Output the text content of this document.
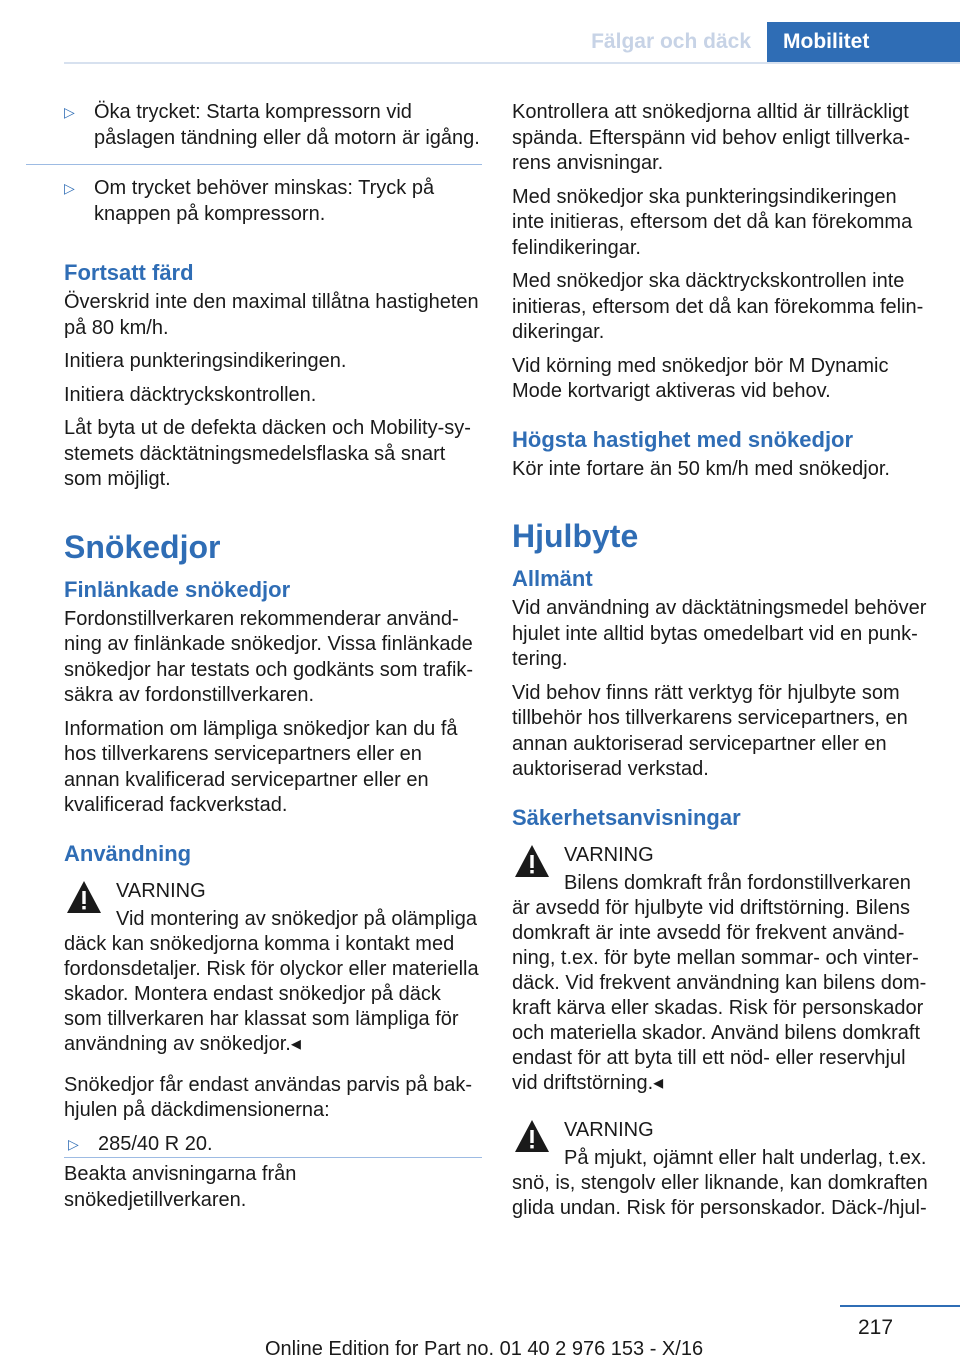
Fälgar och däck	Mobilitet
▷ Öka trycket: Starta kompressorn vid påslagen tändning eller då motorn är igång.
▷ Om trycket behöver minskas: Tryck på knappen på kompressorn.
Fortsatt färd

Överskrid inte den maximal tillåtna hastigheten på 80 km/h.

Initiera punkteringsindikeringen.

Initiera däcktryckskontrollen.

Låt byta ut de defekta däcken och Mobility-systemets däcktätningsmedelsflaska så snart som möjligt.

Snökedjor
Finlänkade snökedjor

Fordonstillverkaren rekommenderar användning av finlänkade snökedjor. Vissa finlänkade snökedjor har testats och godkänts som trafiksäkra av fordonstillverkaren.

Information om lämpliga snökedjor kan du få hos tillverkarens servicepartners eller en annan kvalificerad servicepartner eller en kvalificerad fackverkstad.

Användning
VARNING

Vid montering av snökedjor på olämpliga däck kan snökedjorna komma i kontakt med fordonsdetaljer. Risk för olyckor eller materiella skador. Montera endast snökedjor på däck som tillverkaren har klassat som lämpliga för användning av snökedjor.◂

Snökedjor får endast användas parvis på bakhjulen på däckdimensionerna:

▷ 285/40 R 20.

Beakta anvisningarna från snökedjetillverkaren.

Kontrollera att snökedjorna alltid är tillräckligt spända. Efterspänn vid behov enligt tillverkarens anvisningar.

Med snökedjor ska punkteringsindikeringen inte initieras, eftersom det då kan förekomma felindikeringar.

Med snökedjor ska däcktryckskontrollen inte initieras, eftersom det då kan förekomma felindikeringar.

Vid körning med snökedjor bör M Dynamic Mode kortvarigt aktiveras vid behov.

Högsta hastighet med snökedjor

Kör inte fortare än 50 km/h med snökedjor.

Hjulbyte
Allmänt

Vid användning av däcktätningsmedel behöver hjulet inte alltid bytas omedelbart vid en punktering.

Vid behov finns rätt verktyg för hjulbyte som tillbehör hos tillverkarens servicepartners, en annan auktoriserad servicepartner eller en auktoriserad verkstad.

Säkerhetsanvisningar
VARNING

Bilens domkraft från fordonstillverkaren är avsedd för hjulbyte vid driftstörning. Bilens domkraft är inte avsedd för frekvent användning, t.ex. för byte mellan sommar- och vinterdäck. Vid frekvent användning kan bilens domkraft kärva eller skadas. Risk för personskador och materiella skador. Använd bilens domkraft endast för att byta till ett nöd- eller reservhjul vid driftstörning.◂

VARNING

På mjukt, ojämnt eller halt underlag, t.ex. snö, is, stengolv eller liknande, kan domkraften glida undan. Risk för personskador. Däck-/hjul-

217
Online Edition for Part no. 01 40 2 976 153 - X/16
